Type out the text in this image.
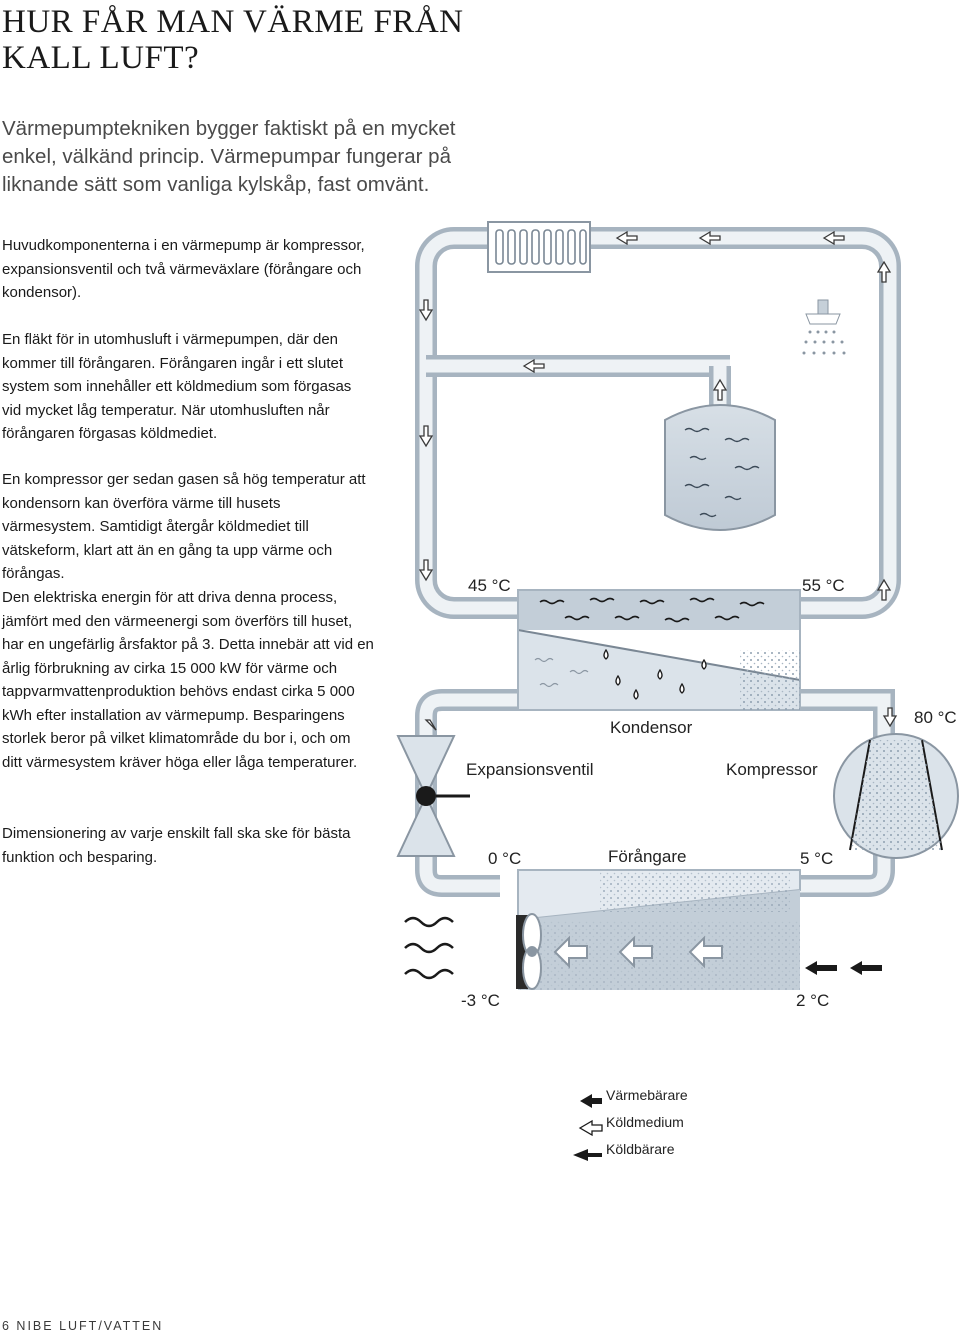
HUR FÅR MAN VÄRME FRÅN KALL LUFT?

Värmepumptekniken bygger faktiskt på en mycket enkel, välkänd princip. Värmepumpar fungerar på liknande sätt som vanliga kylskåp, fast omvänt.

Huvudkomponenterna i en värmepump är kompressor, expansionsventil och två värmeväxlare (förångare och kondensor).

En fläkt för in utomhusluft i värmepumpen, där den kommer till förångaren. Förångaren ingår i ett slutet system som innehåller ett köldmedium som förgasas vid mycket låg temperatur. När utomhusluften når förångaren förgasas köldmediet.

En kompressor ger sedan gasen så hög temperatur att kondensorn kan överföra värme till husets värmesystem. Samtidigt återgår köldmediet till vätskeform, klart att än en gång ta upp värme och förångas.

Den elektriska energin för att driva denna process, jämfört med den värmeenergi som överförs till huset, har en ungefärlig årsfaktor på 3. Detta innebär att vid en årlig förbrukning av cirka 15 000 kW för värme och tappvarmvattenproduktion behövs endast cirka 5 000 kWh efter installation av värmepump. Besparingens storlek beror på vilket klimatområde du bor i, och om ditt värmesystem kräver höga eller låga temperaturer.

Dimensionering av varje enskilt fall ska ske för bästa funktion och besparing.

45 °C	55 °C
80 °C
0 °C	5 °C
-3 °C	2 °C
Kondensor
Expansionsventil	Kompressor
Förångare
Värmebärare
Köldmedium
Köldbärare

6 NIBE LUFT/VATTEN
